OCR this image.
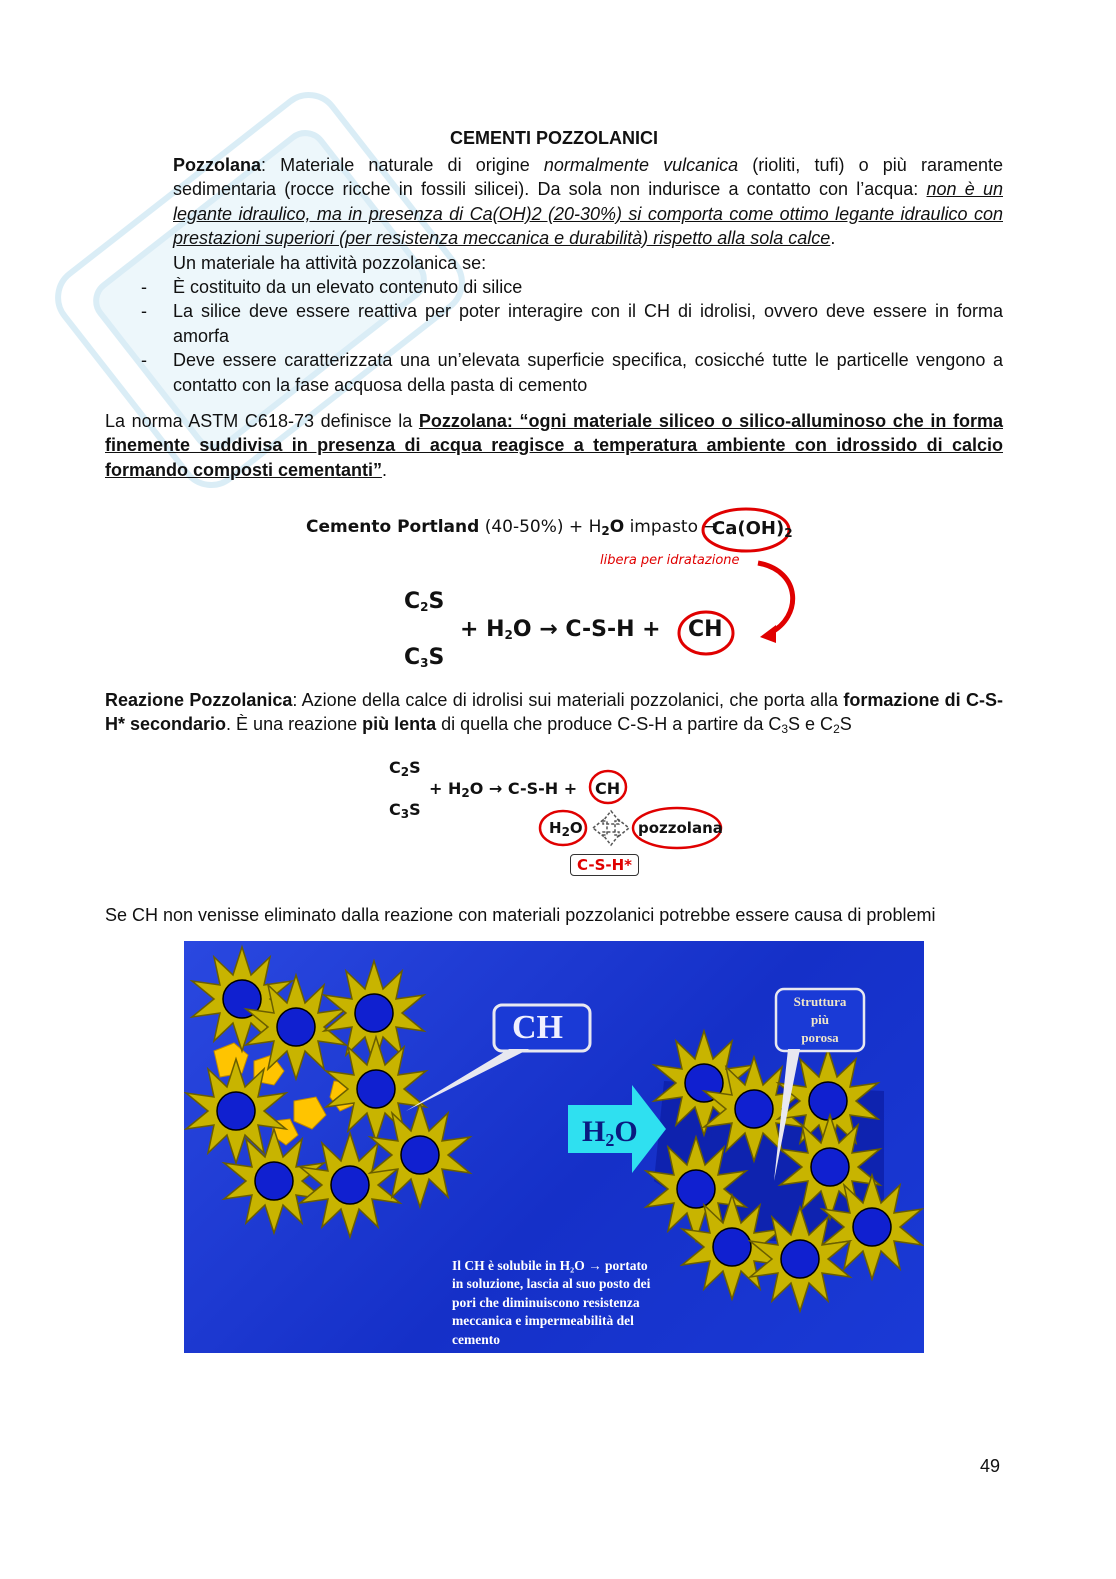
CEMENTI POZZOLANICI

Pozzolana: Materiale naturale di origine normalmente vulcanica (rioliti, tufi) o più raramente sedimentaria (rocce ricche in fossili silicei). Da sola non indurisce a contatto con l’acqua: non è un legante idraulico, ma in presenza di Ca(OH)2 (20-30%) si comporta come ottimo legante idraulico con prestazioni superiori (per resistenza meccanica e durabilità) rispetto alla sola calce.

Un materiale ha attività pozzolanica se:

- È costituito da un elevato contenuto di silice
- La silice deve essere reattiva per poter interagire con il CH di idrolisi, ovvero deve essere in forma amorfa
- Deve essere caratterizzata una un’elevata superficie specifica, cosicché tutte le particelle vengono a contatto con la fase acquosa della pasta di cemento

La norma ASTM C618-73 definisce la Pozzolana: “ogni materiale siliceo o silico-alluminoso che in forma finemente suddivisa in presenza di acqua reagisce a temperatura ambiente con idrossido di calcio formando composti cementanti”.

Cemento Portland $(40-50\%) + H_2O$ impasto →
$Ca(OH)_2$
libera per idratazione
$C_2S$
$C_3S$
+ $H_2O \to C-S-H$ + CH

Reazione Pozzolanica: Azione della calce di idrolisi sui materiali pozzolanici, che porta alla formazione di C-S-H* secondario. È una reazione più lenta di quella che produce C-S-H a partire da $C_3S$ e $C_2S$

$C_2S$
$C_3S$
+ $H_2O \to C-S-H$ + CH
$H_2O$	pozzolana
C-S-H*

Se CH non venisse eliminato dalla reazione con materiali pozzolanici potrebbe essere causa di problemi

CH
H2O
Struttura
più
porosa
Il CH è solubile in H₂O → portato
in soluzione, lascia al suo posto dei
pori che diminuiscono resistenza
meccanica e impermeabilità del
cemento
49
